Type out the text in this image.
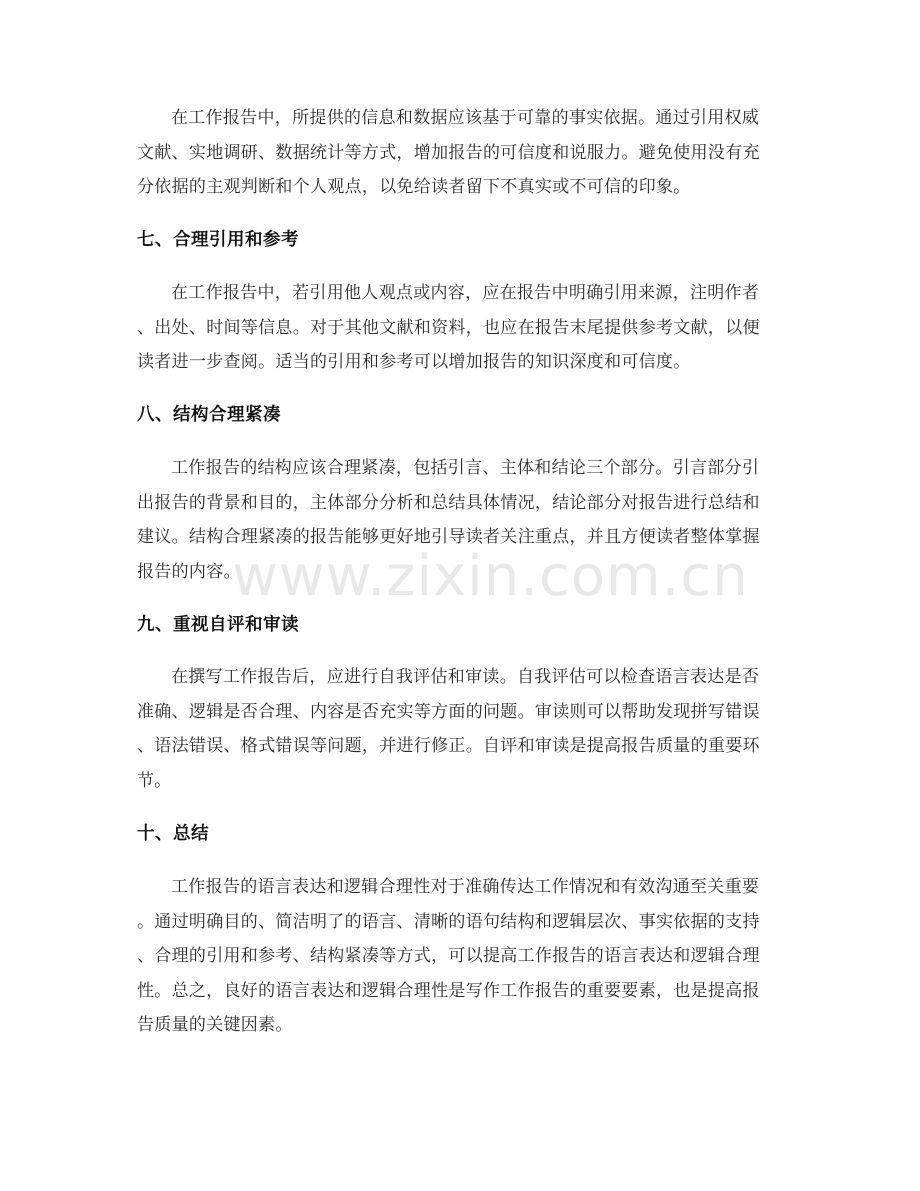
在工作报告中，所提供的信息和数据应该基于可靠的事实依据。通过引用权威
文献、实地调研、数据统计等方式，增加报告的可信度和说服力。避免使用没有充
分依据的主观判断和个人观点，以免给读者留下不真实或不可信的印象。

七、合理引用和参考

在工作报告中，若引用他人观点或内容，应在报告中明确引用来源，注明作者
、出处、时间等信息。对于其他文献和资料，也应在报告末尾提供参考文献，以便
读者进一步查阅。适当的引用和参考可以增加报告的知识深度和可信度。

八、结构合理紧凑

工作报告的结构应该合理紧凑，包括引言、主体和结论三个部分。引言部分引
出报告的背景和目的，主体部分分析和总结具体情况，结论部分对报告进行总结和
建议。结构合理紧凑的报告能够更好地引导读者关注重点，并且方便读者整体掌握
报告的内容。

九、重视自评和审读

在撰写工作报告后，应进行自我评估和审读。自我评估可以检查语言表达是否
准确、逻辑是否合理、内容是否充实等方面的问题。审读则可以帮助发现拼写错误
、语法错误、格式错误等问题，并进行修正。自评和审读是提高报告质量的重要环
节。

十、总结

工作报告的语言表达和逻辑合理性对于准确传达工作情况和有效沟通至关重要
。通过明确目的、简洁明了的语言、清晰的语句结构和逻辑层次、事实依据的支持
、合理的引用和参考、结构紧凑等方式，可以提高工作报告的语言表达和逻辑合理
性。总之，良好的语言表达和逻辑合理性是写作工作报告的重要要素，也是提高报
告质量的关键因素。

www.zixin.com.cn
